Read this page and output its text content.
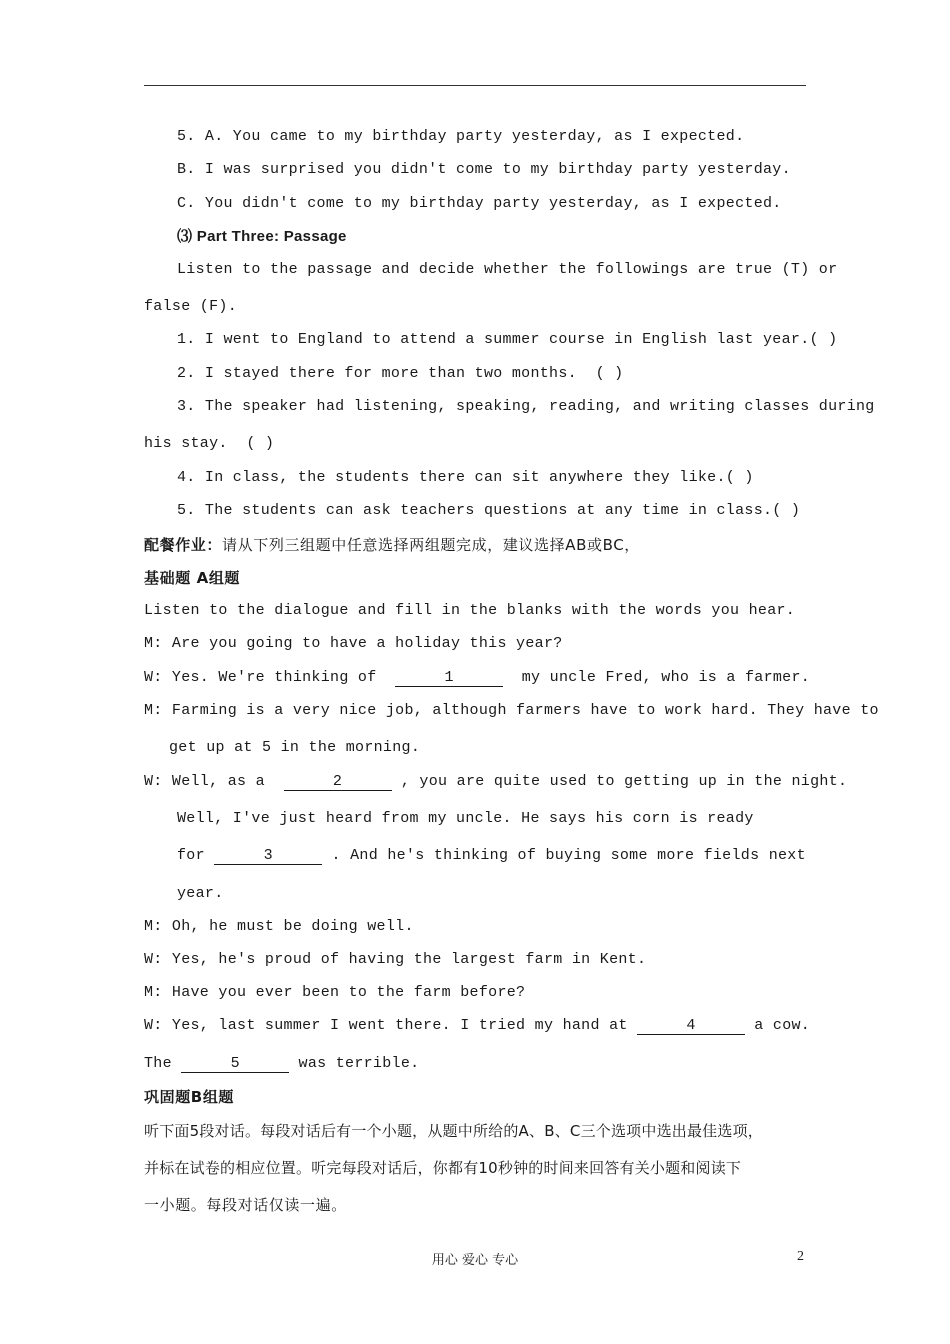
5. A. You came to my birthday party yesterday, as I expected.
B. I was surprised you didn't come to my birthday party yesterday.
C. You didn't come to my birthday party yesterday, as I expected.
⑶ Part Three: Passage
Listen to the passage and decide whether the followings are true (T) or
false (F).
1. I went to England to attend a summer course in English last year.( )
2. I stayed there for more than two months.  ( )
3. The speaker had listening, speaking, reading, and writing classes during
his stay.  ( )
4. In class, the students there can sit anywhere they like.( )
5. The students can ask teachers questions at any time in class.( )
配餐作业：请从下列三组题中任意选择两组题完成，建议选择AB或BC，
基础题 A组题
Listen to the dialogue and fill in the blanks with the words you hear.
M: Are you going to have a holiday this year?
W: Yes. We're thinking of	1	my uncle Fred, who is a farmer.
M: Farming is a very nice job, although farmers have to work hard. They have to
get up at 5 in the morning.
W: Well, as a	2	, you are quite used to getting up in the night.
Well, I've just heard from my uncle. He says his corn is ready
for	3	. And he's thinking of buying some more fields next
year.
M: Oh, he must be doing well.
W: Yes, he's proud of having the largest farm in Kent.
M: Have you ever been to the farm before?
W: Yes, last summer I went there. I tried my hand at	4	a cow.
The	5	was terrible.
巩固题B组题
听下面5段对话。每段对话后有一个小题，从题中所给的A、B、C三个选项中选出最佳选项，
并标在试卷的相应位置。听完每段对话后，你都有10秒钟的时间来回答有关小题和阅读下
一小题。每段对话仅读一遍。
用心 爱心 专心	2
